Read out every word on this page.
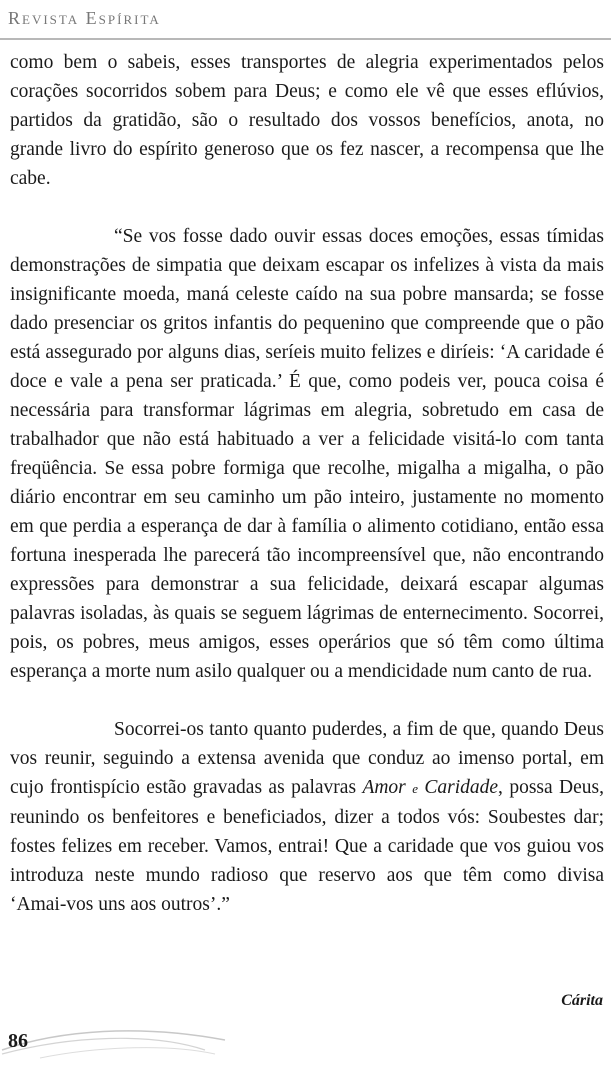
Revista Espírita

como bem o sabeis, esses transportes de alegria experimentados pelos corações socorridos sobem para Deus; e como ele vê que esses eflúvios, partidos da gratidão, são o resultado dos vossos benefícios, anota, no grande livro do espírito generoso que os fez nascer, a recompensa que lhe cabe.

“Se vos fosse dado ouvir essas doces emoções, essas tímidas demonstrações de simpatia que deixam escapar os infelizes à vista da mais insignificante moeda, maná celeste caído na sua pobre mansarda; se fosse dado presenciar os gritos infantis do pequenino que compreende que o pão está assegurado por alguns dias, seríeis muito felizes e diríeis: ‘A caridade é doce e vale a pena ser praticada.’ É que, como podeis ver, pouca coisa é necessária para transformar lágrimas em alegria, sobretudo em casa de trabalhador que não está habituado a ver a felicidade visitá-lo com tanta freqüência. Se essa pobre formiga que recolhe, migalha a migalha, o pão diário encontrar em seu caminho um pão inteiro, justamente no momento em que perdia a esperança de dar à família o alimento cotidiano, então essa fortuna inesperada lhe parecerá tão incompreensível que, não encontrando expressões para demonstrar a sua felicidade, deixará escapar algumas palavras isoladas, às quais se seguem lágrimas de enternecimento. Socorrei, pois, os pobres, meus amigos, esses operários que só têm como última esperança a morte num asilo qualquer ou a mendicidade num canto de rua.

Socorrei-os tanto quanto puderdes, a fim de que, quando Deus vos reunir, seguindo a extensa avenida que conduz ao imenso portal, em cujo frontispício estão gravadas as palavras Amor e Caridade, possa Deus, reunindo os benfeitores e beneficiados, dizer a todos vós: Soubestes dar; fostes felizes em receber. Vamos, entrai! Que a caridade que vos guiou vos introduza neste mundo radioso que reservo aos que têm como divisa ‘Amai-vos uns aos outros’.”

Cárita
86
